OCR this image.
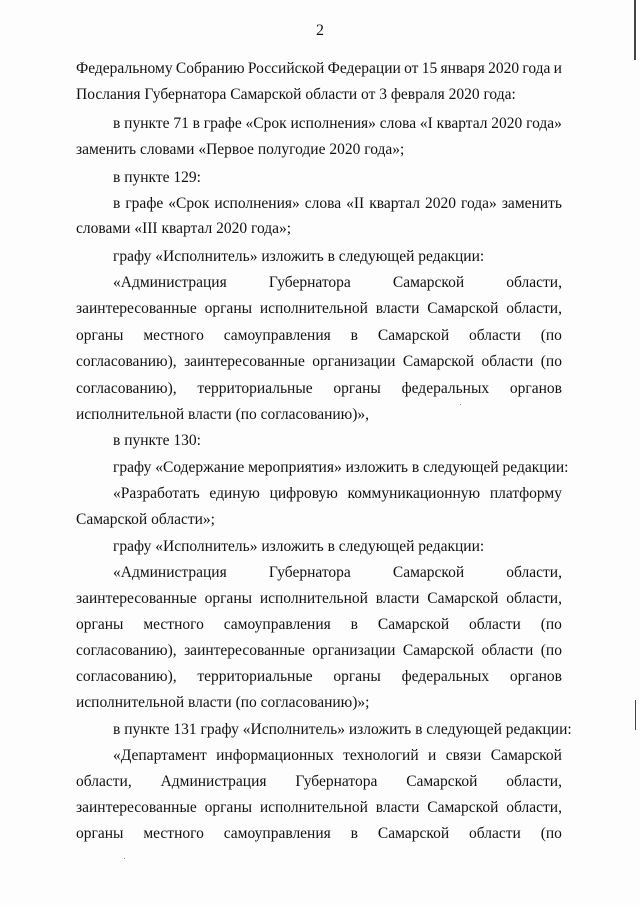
2
Федеральному Собранию Российской Федерации от 15 января 2020 года и
Послания Губернатора Самарской области от 3 февраля 2020 года:
в пункте 71 в графе «Срок исполнения» слова «I квартал 2020 года»
заменить словами «Первое полугодие 2020 года»;
в пункте 129:
в графе «Срок исполнения» слова «II квартал 2020 года» заменить
словами «III квартал 2020 года»;
графу «Исполнитель» изложить в следующей редакции:
«Администрация	Губернатора	Самарской	области,
заинтересованные органы исполнительной власти Самарской области,
органы местного самоуправления в Самарской области (по
согласованию), заинтересованные организации Самарской области (по
согласованию), территориальные органы федеральных органов
исполнительной власти (по согласованию)»,
в пункте 130:
графу «Содержание мероприятия» изложить в следующей редакции:
«Разработать единую цифровую коммуникационную платформу
Самарской области»;
графу «Исполнитель» изложить в следующей редакции:
«Администрация	Губернатора	Самарской	области,
заинтересованные органы исполнительной власти Самарской области,
органы местного самоуправления в Самарской области (по
согласованию), заинтересованные организации Самарской области (по
согласованию), территориальные органы федеральных органов
исполнительной власти (по согласованию)»;
в пункте 131 графу «Исполнитель» изложить в следующей редакции:
«Департамент информационных технологий и связи Самарской
области, Администрация Губернатора Самарской области,
заинтересованные органы исполнительной власти Самарской области,
органы местного самоуправления в Самарской области (по
